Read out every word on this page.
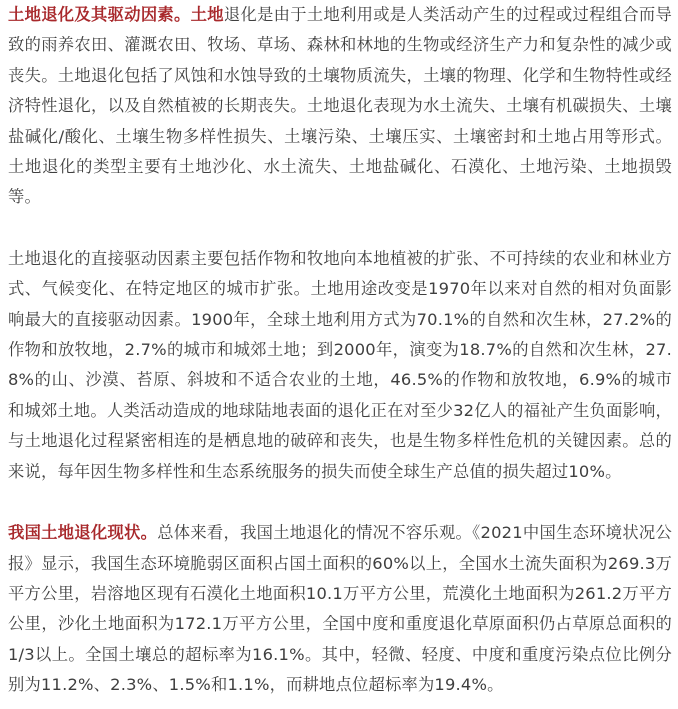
土地退化及其驱动因素。土地退化是由于土地利用或是人类活动产生的过程或过程组合而导致的雨养农田、灌溉农田、牧场、草场、森林和林地的生物或经济生产力和复杂性的减少或丧失。土地退化包括了风蚀和水蚀导致的土壤物质流失，土壤的物理、化学和生物特性或经济特性退化，以及自然植被的长期丧失。土地退化表现为水土流失、土壤有机碳损失、土壤盐碱化/酸化、土壤生物多样性损失、土壤污染、土壤压实、土壤密封和土地占用等形式。土地退化的类型主要有土地沙化、水土流失、土地盐碱化、石漠化、土地污染、土地损毁等。

土地退化的直接驱动因素主要包括作物和牧地向本地植被的扩张、不可持续的农业和林业方式、气候变化、在特定地区的城市扩张。土地用途改变是1970年以来对自然的相对负面影响最大的直接驱动因素。1900年，全球土地利用方式为70.1%的自然和次生林，27.2%的作物和放牧地，2.7%的城市和城郊土地；到2000年，演变为18.7%的自然和次生林，27.8%的山、沙漠、苔原、斜坡和不适合农业的土地，46.5%的作物和放牧地，6.9%的城市和城郊土地。人类活动造成的地球陆地表面的退化正在对至少32亿人的福祉产生负面影响，与土地退化过程紧密相连的是栖息地的破碎和丧失，也是生物多样性危机的关键因素。总的来说，每年因生物多样性和生态系统服务的损失而使全球生产总值的损失超过10%。

我国土地退化现状。总体来看，我国土地退化的情况不容乐观。《2021中国生态环境状况公报》显示，我国生态环境脆弱区面积占国土面积的60%以上，全国水土流失面积为269.3万平方公里，岩溶地区现有石漠化土地面积10.1万平方公里，荒漠化土地面积为261.2万平方公里，沙化土地面积为172.1万平方公里，全国中度和重度退化草原面积仍占草原总面积的1/3以上。全国土壤总的超标率为16.1%。其中，轻微、轻度、中度和重度污染点位比例分别为11.2%、2.3%、1.5%和1.1%，而耕地点位超标率为19.4%。
